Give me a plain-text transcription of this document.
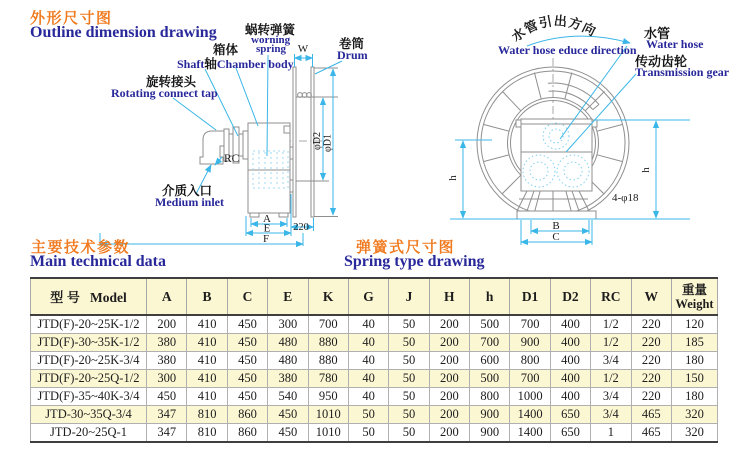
W
RC
φD2 φD1
A
E
F
220
h
h
4-φ18
B
C
水管引出方向
外形尺寸图
Outline dimension drawing
主要技术参数
Main technical data
弹簧式尺寸图
Spring type drawing
蜗转弹簧
worning
spring
箱体
Shaft轴Chamber body
卷筒
Drum
旋转接头
Rotating connect tap
介质入口
Medium inlet
Water hose educe direction
水管
Water hose
传动齿轮
Transmission gear
型 号 Model	A	B	C	E	K	G	J	H	h	D1	D2	RC	W	重量
Weight

JTD(F)-20~25K-1/2	200	410	450	300	700	40	50	200	500	700	400	1/2	220	120
JTD(F)-30~35K-1/2	380	410	450	480	880	40	50	200	700	900	400	1/2	220	185
JTD(F)-20~25K-3/4	380	410	450	480	880	40	50	200	600	800	400	3/4	220	180
JTD(F)-20~25Q-1/2	300	410	450	380	780	40	50	200	500	700	400	1/2	220	150
JTD(F)-35~40K-3/4	450	410	450	540	950	40	50	200	800	1000	400	3/4	220	180
JTD-30~35Q-3/4	347	810	860	450	1010	50	50	200	900	1400	650	3/4	465	320
JTD-20~25Q-1	347	810	860	450	1010	50	50	200	900	1400	650	1	465	320
